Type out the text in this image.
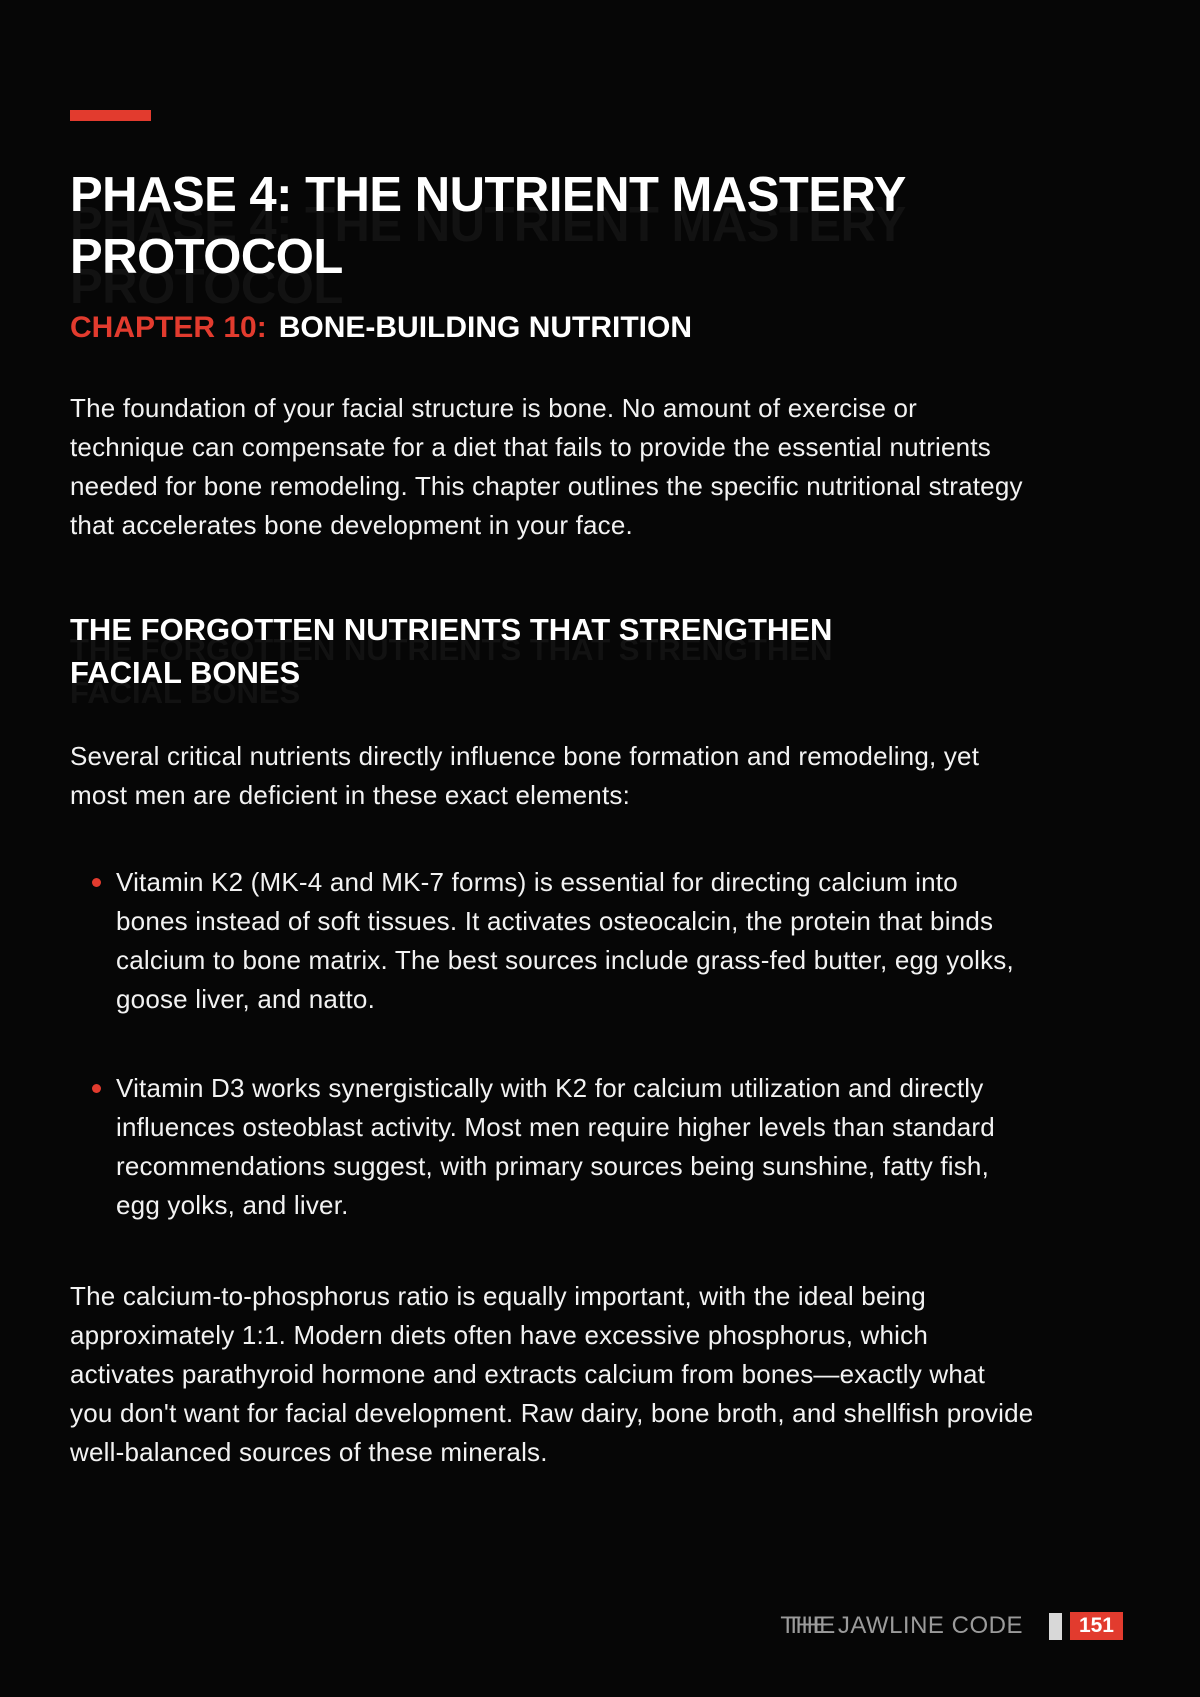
PHASE 4: THE NUTRIENT MASTERY PROTOCOL
CHAPTER 10: BONE-BUILDING NUTRITION

The foundation of your facial structure is bone. No amount of exercise or technique can compensate for a diet that fails to provide the essential nutrients needed for bone remodeling. This chapter outlines the specific nutritional strategy that accelerates bone development in your face.

THE FORGOTTEN NUTRIENTS THAT STRENGTHEN FACIAL BONES

Several critical nutrients directly influence bone formation and remodeling, yet most men are deficient in these exact elements:

Vitamin K2 (MK-4 and MK-7 forms) is essential for directing calcium into bones instead of soft tissues. It activates osteocalcin, the protein that binds calcium to bone matrix. The best sources include grass-fed butter, egg yolks, goose liver, and natto.
Vitamin D3 works synergistically with K2 for calcium utilization and directly influences osteoblast activity. Most men require higher levels than standard recommendations suggest, with primary sources being sunshine, fatty fish, egg yolks, and liver.

The calcium-to-phosphorus ratio is equally important, with the ideal being approximately 1:1. Modern diets often have excessive phosphorus, which activates parathyroid hormone and extracts calcium from bones—exactly what you don't want for facial development. Raw dairy, bone broth, and shellfish provide well-balanced sources of these minerals.

THE JAWLINE CODE	151
